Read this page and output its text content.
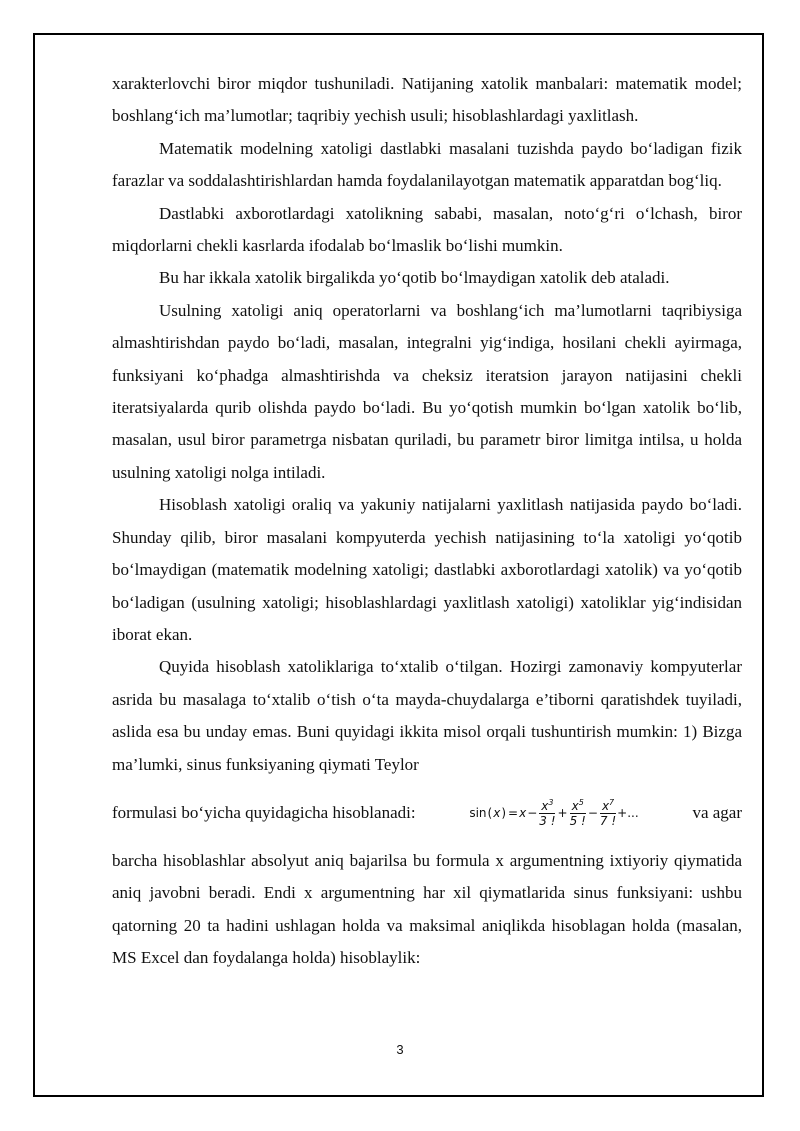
xarakterlovchi biror miqdor tushuniladi. Natijaning xatolik manbalari: matematik model; boshlang‘ich ma’lumotlar; taqribiy yechish usuli; hisoblashlardagi yaxlitlash.

Matematik modelning xatoligi dastlabki masalani tuzishda paydo bo‘ladigan fizik farazlar va soddalashtirishlardan hamda foydalanilayotgan matematik apparatdan bog‘liq.

Dastlabki axborotlardagi xatolikning sababi, masalan, noto‘g‘ri o‘lchash, biror miqdorlarni chekli kasrlarda ifodalab bo‘lmaslik bo‘lishi mumkin.

Bu har ikkala xatolik birgalikda yo‘qotib bo‘lmaydigan xatolik deb ataladi.

Usulning xatoligi aniq operatorlarni va boshlang‘ich ma’lumotlarni taqribiysiga almashtirishdan paydo bo‘ladi, masalan, integralni yig‘indiga, hosilani chekli ayirmaga, funksiyani ko‘phadga almashtirishda va cheksiz iteratsion jarayon natijasini chekli iteratsiyalarda qurib olishda paydo bo‘ladi. Bu yo‘qotish mumkin bo‘lgan xatolik bo‘lib, masalan, usul biror parametrga nisbatan quriladi, bu parametr biror limitga intilsa, u holda usulning xatoligi nolga intiladi.

Hisoblash xatoligi oraliq va yakuniy natijalarni yaxlitlash natijasida paydo bo‘ladi. Shunday qilib, biror masalani kompyuterda yechish natijasining to‘la xatoligi yo‘qotib bo‘lmaydigan (matematik modelning xatoligi; dastlabki axborotlardagi xatolik) va yo‘qotib bo‘ladigan (usulning xatoligi; hisoblashlardagi yaxlitlash xatoligi) xatoliklar yig‘indisidan iborat ekan.

Quyida hisoblash xatoliklariga to‘xtalib o‘tilgan. Hozirgi zamonaviy kompyuterlar asrida bu masalaga to‘xtalib o‘tish o‘ta mayda-chuydalarga e’tiborni qaratishdek tuyiladi, aslida esa bu unday emas. Buni quyidagi ikkita misol orqali tushuntirish mumkin: 1) Bizga ma’lumki, sinus funksiyaning qiymati Teylor

formulasi bo‘yicha quyidagicha hisoblanadi:	sin ( x ) = $x - \frac{x^3}{3 !} + \frac{x^5}{5 !} - \frac{x^7}{7 !}$ +...	va agar

barcha hisoblashlar absolyut aniq bajarilsa bu formula x argumentning ixtiyoriy qiymatida aniq javobni beradi. Endi x argumentning har xil qiymatlarida sinus funksiyani: ushbu qatorning 20 ta hadini ushlagan holda va maksimal aniqlikda hisoblagan holda (masalan, MS Excel dan foydalanga holda) hisoblaylik:

3
